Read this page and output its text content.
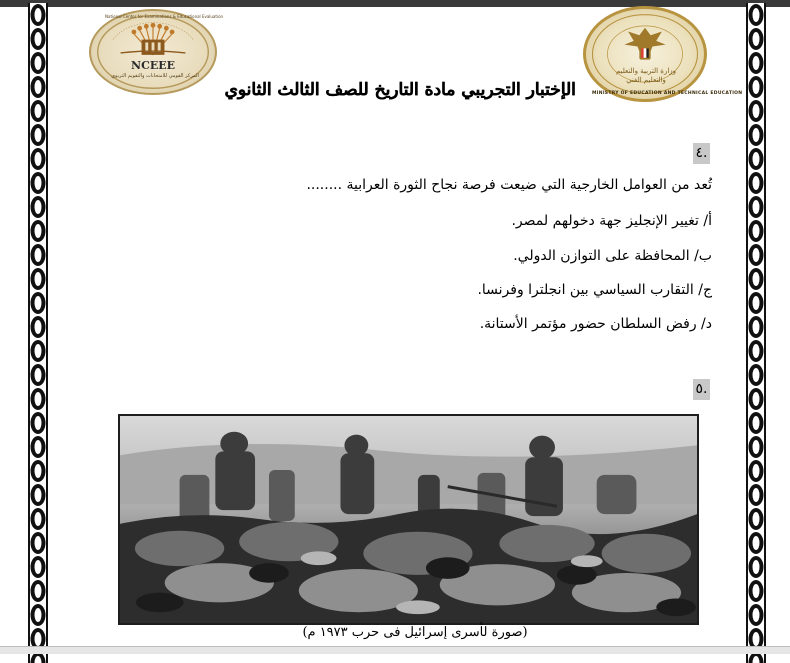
NCEEE
المركز القومي للامتحانات والتقويم التربوي
National Center for Examinations & Educational Evaluation
وزارة التربية والتعليم والتعليم الفني
MINISTRY OF EDUCATION AND TECHNICAL EDUCATION
الإختبار التجريبي مادة التاريخ للصف الثالث الثانوي
٤.
تُعد من العوامل الخارجية التي ضيعت فرصة نجاح الثورة العرابية ........
أ/ تغيير الإنجليز جهة دخولهم لمصر.
ب/ المحافظة على التوازن الدولي.
ج/ التقارب السياسي بين انجلترا وفرنسا.
د/ رفض السلطان حضور مؤتمر الأستانة.
٥.
(صورة لأسرى إسرائيل فى حرب ١٩٧٣ م)
